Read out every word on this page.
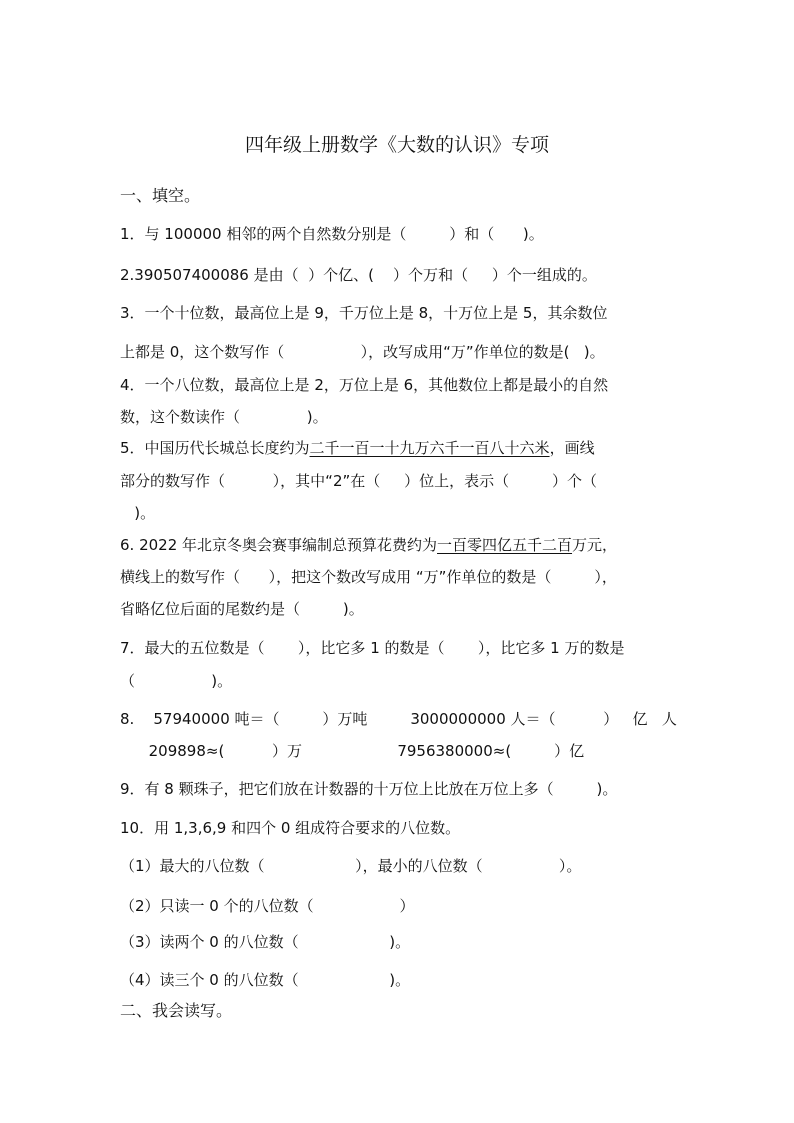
四年级上册数学《大数的认识》专项
一、填空。
1．与 100000 相邻的两个自然数分别是（         ）和（      )。
2.390507400086 是由（  ）个亿、(    ）个万和（     ）个一组成的。
3．一个十位数，最高位上是 9，千万位上是 8，十万位上是 5，其余数位
上都是 0，这个数写作（                ），改写成用“万”作单位的数是(   )。
4．一个八位数，最高位上是 2，万位上是 6，其他数位上都是最小的自然
数，这个数读作（              )。
5．中国历代长城总长度约为二千一百一十九万六千一百八十六米，画线
部分的数写作（          ），其中“2”在（     ）位上，表示（         ）个（
)。
6. 2022 年北京冬奥会赛事编制总预算花费约为一百零四亿五千二百万元，
横线上的数写作（      ），把这个数改写成用 “万”作单位的数是（         ），
省略亿位后面的尾数约是（         )。
7．最大的五位数是（       ），比它多 1 的数是（       ），比它多 1 万的数是
（                )。
8.    57940000 吨＝（         ）万吨         3000000000 人＝（          ）   亿   人
209898≈(          ）万                    7956380000≈(         ）亿
9．有 8 颗珠子，把它们放在计数器的十万位上比放在万位上多（         )。
10．用 1,3,6,9 和四个 0 组成符合要求的八位数。
（1）最大的八位数（                   ），最小的八位数（                ）。
（2）只读一 0 个的八位数（                  ）
（3）读两个 0 的八位数（                   )。
（4）读三个 0 的八位数（                   )。
二、我会读写。
